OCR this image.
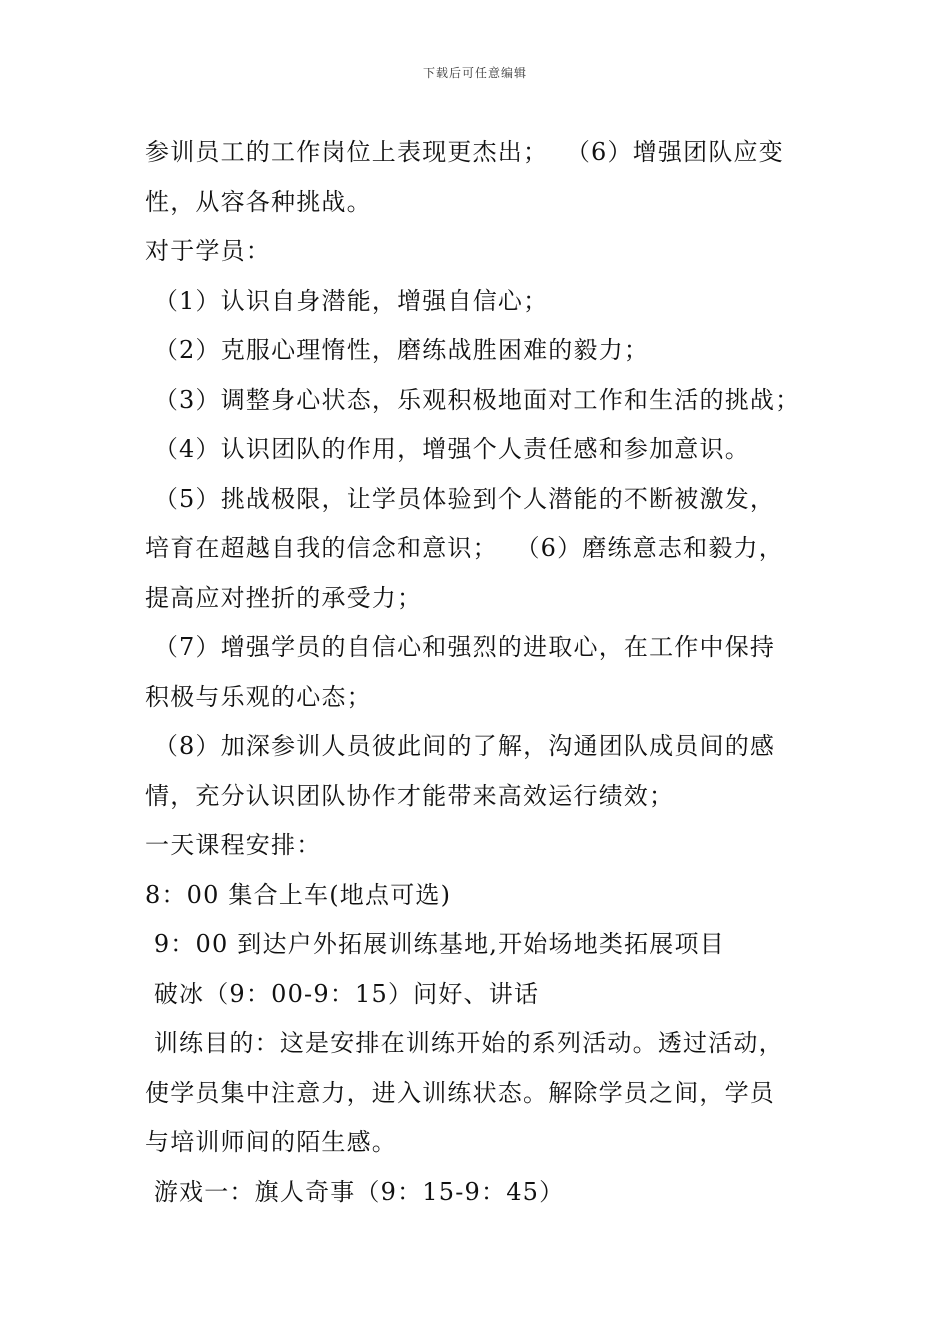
下载后可任意编辑
参训员工的工作岗位上表现更杰出；  （6）增强团队应变
性，从容各种挑战。
对于学员：
（1）认识自身潜能，增强自信心；
（2）克服心理惰性，磨练战胜困难的毅力；
（3）调整身心状态，乐观积极地面对工作和生活的挑战；
（4）认识团队的作用，增强个人责任感和参加意识。
（5）挑战极限，让学员体验到个人潜能的不断被激发，
培育在超越自我的信念和意识；  （6）磨练意志和毅力，
提高应对挫折的承受力；
（7）增强学员的自信心和强烈的进取心，在工作中保持
积极与乐观的心态；
（8）加深参训人员彼此间的了解，沟通团队成员间的感
情，充分认识团队协作才能带来高效运行绩效；
一天课程安排：
8：00 集合上车(地点可选)
9：00 到达户外拓展训练基地,开始场地类拓展项目
破冰（9：00-9：15）问好、讲话
训练目的：这是安排在训练开始的系列活动。透过活动，
使学员集中注意力，进入训练状态。解除学员之间，学员
与培训师间的陌生感。
游戏一：旗人奇事（9：15-9：45）
